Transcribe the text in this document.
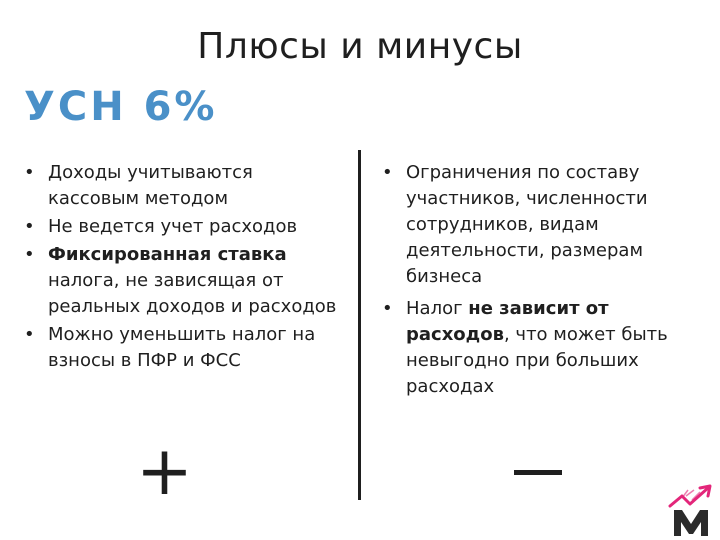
Плюсы и минусы
УСН 6%
• Доходы учитываются кассовым методом
• Не ведется учет расходов
• Фиксированная ставка налога, не зависящая от реальных доходов и расходов
• Можно уменьшить налог на взносы в ПФР и ФСС
• Ограничения по составу участников, численности сотрудников, видам деятельности, размерам бизнеса
• Налог не зависит от расходов, что может быть невыгодно при больших расходах
+
